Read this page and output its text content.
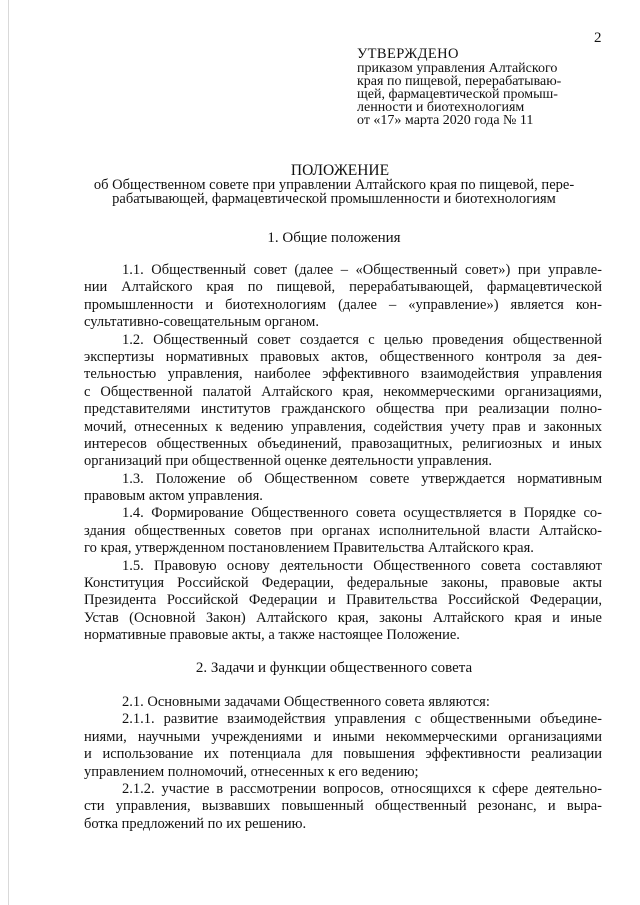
2
УТВЕРЖДЕНО
приказом управления Алтайского
края по пищевой, перерабатываю-
щей, фармацевтической промыш-
ленности и биотехнологиям
от «17» марта 2020 года № 11
ПОЛОЖЕНИЕ
об Общественном совете при управлении Алтайского края по пищевой, пере-
рабатывающей, фармацевтической промышленности и биотехнологиям
1. Общие положения

1.1. Общественный совет (далее – «Общественный совет») при управле-
нии Алтайского края по пищевой, перерабатывающей, фармацевтической
промышленности и биотехнологиям (далее – «управление») является кон-
сультативно-совещательным органом.

1.2. Общественный совет создается с целью проведения общественной
экспертизы нормативных правовых актов, общественного контроля за дея-
тельностью управления, наиболее эффективного взаимодействия управления
с Общественной палатой Алтайского края, некоммерческими организациями,
представителями институтов гражданского общества при реализации полно-
мочий, отнесенных к ведению управления, содействия учету прав и законных
интересов общественных объединений, правозащитных, религиозных и иных
организаций при общественной оценке деятельности управления.

1.3. Положение об Общественном совете утверждается нормативным
правовым актом управления.

1.4. Формирование Общественного совета осуществляется в Порядке со-
здания общественных советов при органах исполнительной власти Алтайско-
го края, утвержденном постановлением Правительства Алтайского края.

1.5. Правовую основу деятельности Общественного совета составляют
Конституция Российской Федерации, федеральные законы, правовые акты
Президента Российской Федерации и Правительства Российской Федерации,
Устав (Основной Закон) Алтайского края, законы Алтайского края и иные
нормативные правовые акты, а также настоящее Положение.

2. Задачи и функции общественного совета

2.1. Основными задачами Общественного совета являются:

2.1.1. развитие взаимодействия управления с общественными объедине-
ниями, научными учреждениями и иными некоммерческими организациями
и использование их потенциала для повышения эффективности реализации
управлением полномочий, отнесенных к его ведению;

2.1.2. участие в рассмотрении вопросов, относящихся к сфере деятельно-
сти управления, вызвавших повышенный общественный резонанс, и выра-
ботка предложений по их решению.
